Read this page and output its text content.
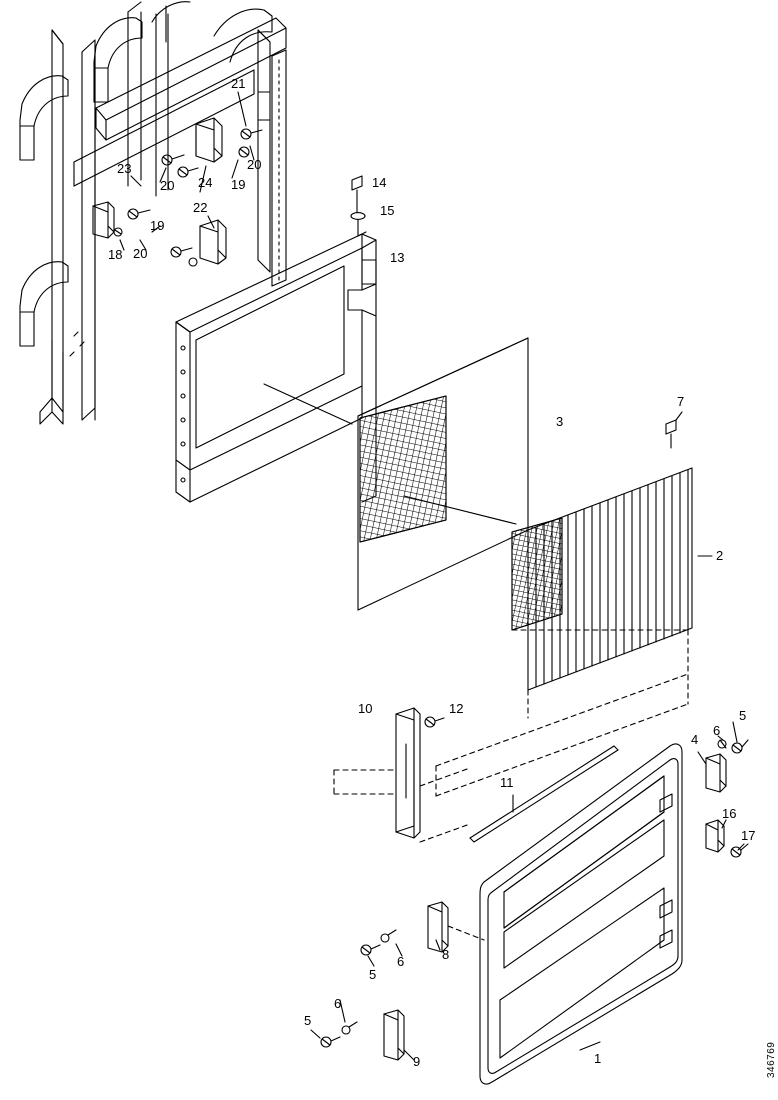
1
2
3
4
5
5
5
6
6
6
7
8
9
10
11
12
13
14
15
16
17
18
19
19
20
20
20
21
22
23
24
346769
